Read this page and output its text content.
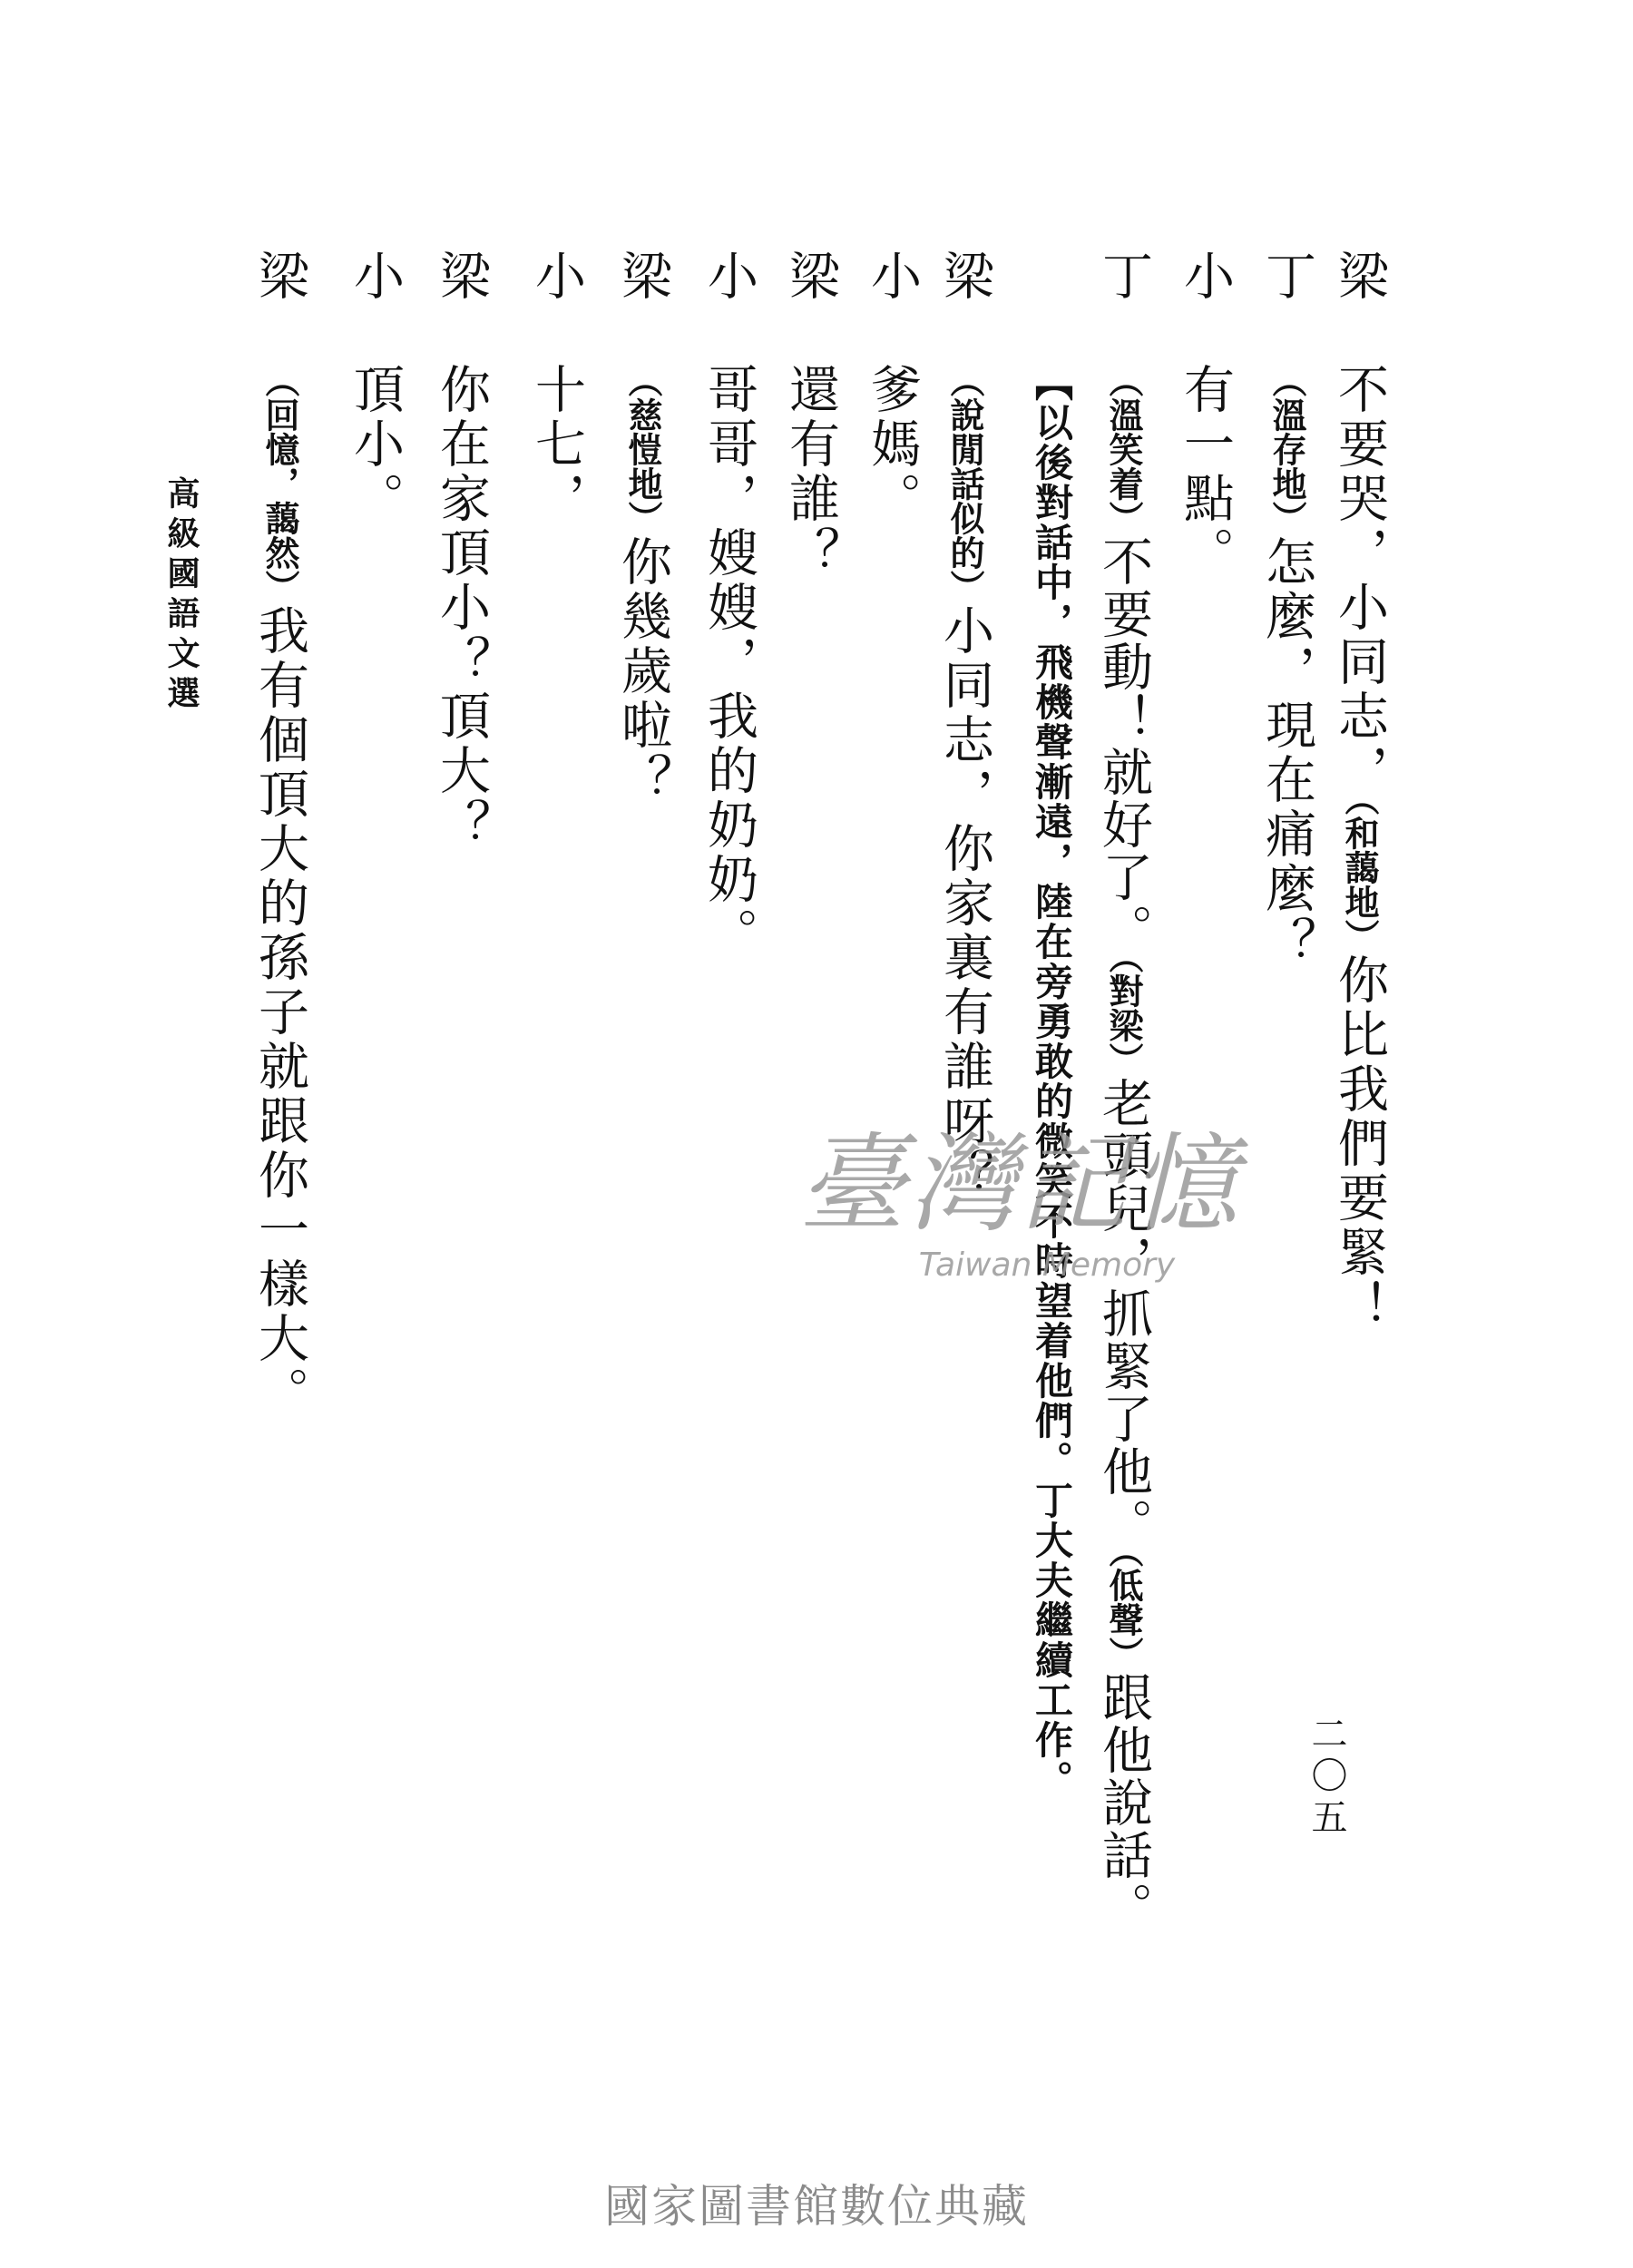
梁
不要哭，小同志，（和藹地）你比我們要緊！
丁
（溫存地）怎麼，現在痛麼？
小
有一點。
丁
（溫笑着）不要動！就好了。（對梁）老頭兒，抓緊了他。（低聲）跟他說話。
【以後對話中，飛機聲漸遠，陸在旁勇敢的微笑不時望着他們。丁大夫繼續工作。
梁
（說閒話似的）小同志，你家裏有誰呀？
小
爹媽。
梁
還有誰？
小
哥哥，嫂嫂，我的奶奶。
梁
（慈愷地）你幾歲啦？
小
十七，
梁
你在家頂小？頂大？
小
頂小。
梁
（回憶，藹然）我有個頂大的孫子就跟你一樣大。
高級國語文選
二〇五
臺灣記憶
Taiwan Memory
國家圖書館數位典藏
